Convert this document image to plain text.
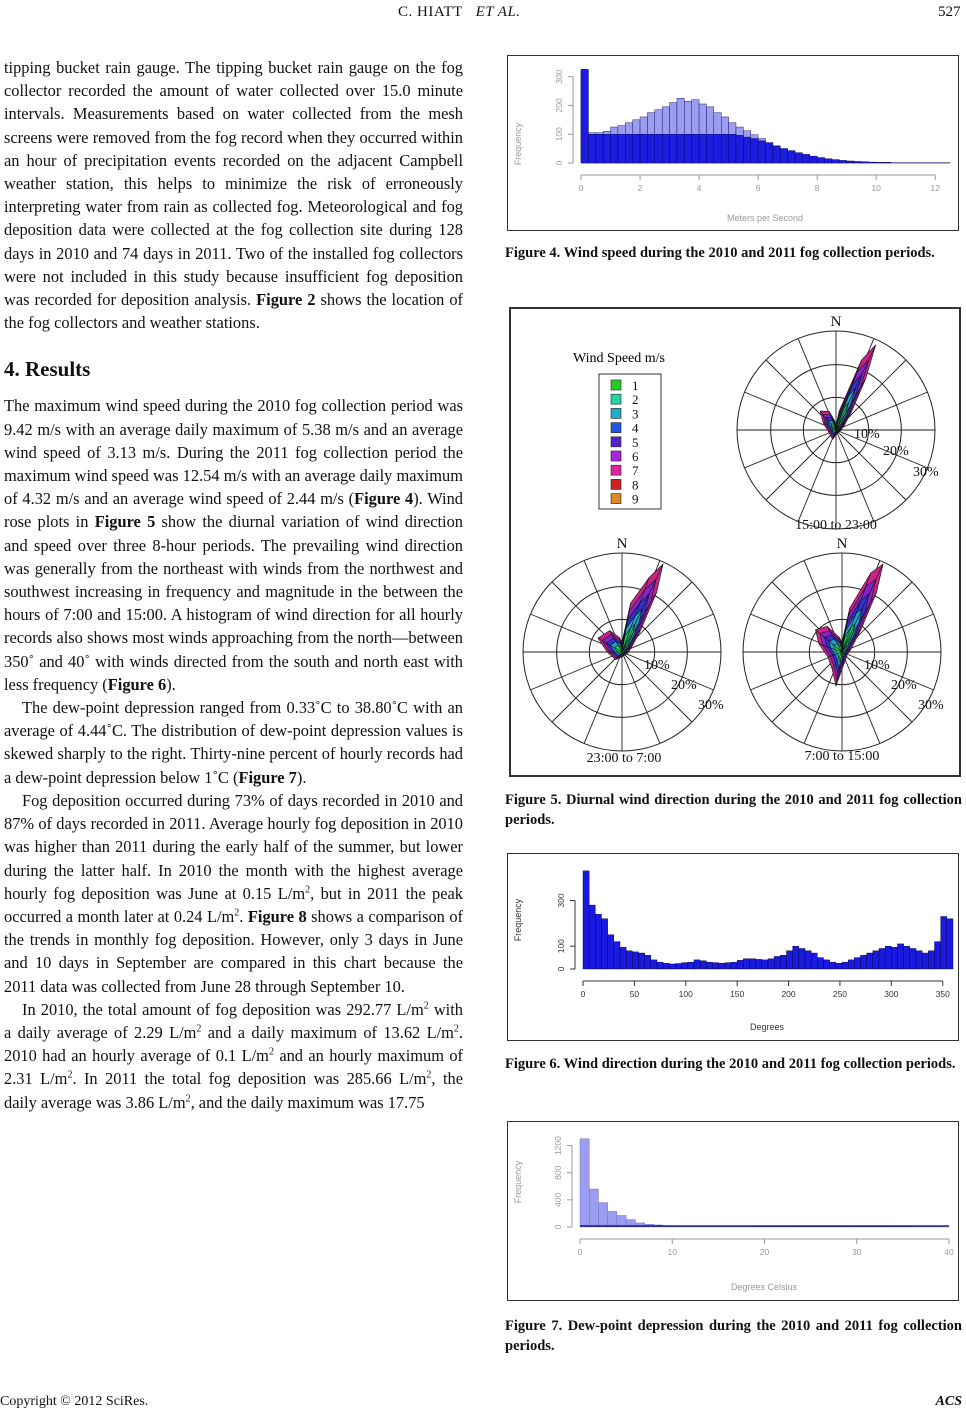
C. HIATT ET AL.	527

tipping bucket rain gauge. The tipping bucket rain gauge on the fog collector recorded the amount of water collected over 15.0 minute intervals. Measurements based on water collected from the mesh screens were removed from the fog record when they occurred within an hour of precipitation events recorded on the adjacent Campbell weather station, this helps to minimize the risk of erroneously interpreting water from rain as collected fog. Meteorological and fog deposition data were collected at the fog collection site during 128 days in 2010 and 74 days in 2011. Two of the installed fog collectors were not included in this study because insufficient fog deposition was recorded for deposition analysis. Figure 2 shows the location of the fog collectors and weather stations.

4. Results

The maximum wind speed during the 2010 fog collection period was 9.42 m/s with an average daily maximum of 5.38 m/s and an average wind speed of 3.13 m/s. During the 2011 fog collection period the maximum wind speed was 12.54 m/s with an average daily maximum of 4.32 m/s and an average wind speed of 2.44 m/s (Figure 4). Wind rose plots in Figure 5 show the diurnal variation of wind direction and speed over three 8-hour periods. The prevailing wind direction was generally from the northeast with winds from the northwest and southwest increasing in frequency and magnitude in the between the hours of 7:00 and 15:00. A histogram of wind direction for all hourly records also shows most winds approaching from the north—between 350˚ and 40˚ with winds directed from the south and north east with less frequency (Figure 6).

The dew-point depression ranged from 0.33˚C to 38.80˚C with an average of 4.44˚C. The distribution of dew-point depression values is skewed sharply to the right. Thirty-nine percent of hourly records had a dew-point depression below 1˚C (Figure 7).

Fog deposition occurred during 73% of days recorded in 2010 and 87% of days recorded in 2011. Average hourly fog deposition in 2010 was higher than 2011 during the early half of the summer, but lower during the latter half. In 2010 the month with the highest average hourly fog deposition was June at 0.15 $L/m^2$, but in 2011 the peak occurred a month later at 0.24 $L/m^2$. Figure 8 shows a comparison of the trends in monthly fog deposition. However, only 3 days in June and 10 days in September are compared in this chart because the 2011 data was collected from June 28 through September 10.

In 2010, the total amount of fog deposition was 292.77 $L/m^2$ with a daily average of 2.29 $L/m^2$ and a daily maximum of 13.62 $L/m^2$. 2010 had an hourly average of 0.1 $L/m^2$ and an hourly maximum of 2.31 $L/m^2$. In 2011 the total fog deposition was 285.66 $L/m^2$, the daily average was 3.86 $L/m^2$, and the daily maximum was 17.75

Frequency
Meters per Second
0
100
200
300
0	2	4	6	8	10	12
Figure 4. Wind speed during the 2010 and 2011 fog collection periods.
Wind Speed m/s
1
2
3
4
5
6
7
8
9
N
10%
20%
30%
15:00 to 23:00
N
10%
20%
30%
23:00 to 7:00
N
10%
20%
30%
7:00 to 15:00
Figure 5. Diurnal wind direction during the 2010 and 2011 fog collection periods.
Frequency
Degrees
0
100
300
0	50	100	150	200	250	300	350
Figure 6. Wind direction during the 2010 and 2011 fog collection periods.
Frequency
Degrees Celsius
0
400
800
1200
0	10	20	30	40
Figure 7. Dew-point depression during the 2010 and 2011 fog collection periods.
Copyright © 2012 SciRes.	ACS
